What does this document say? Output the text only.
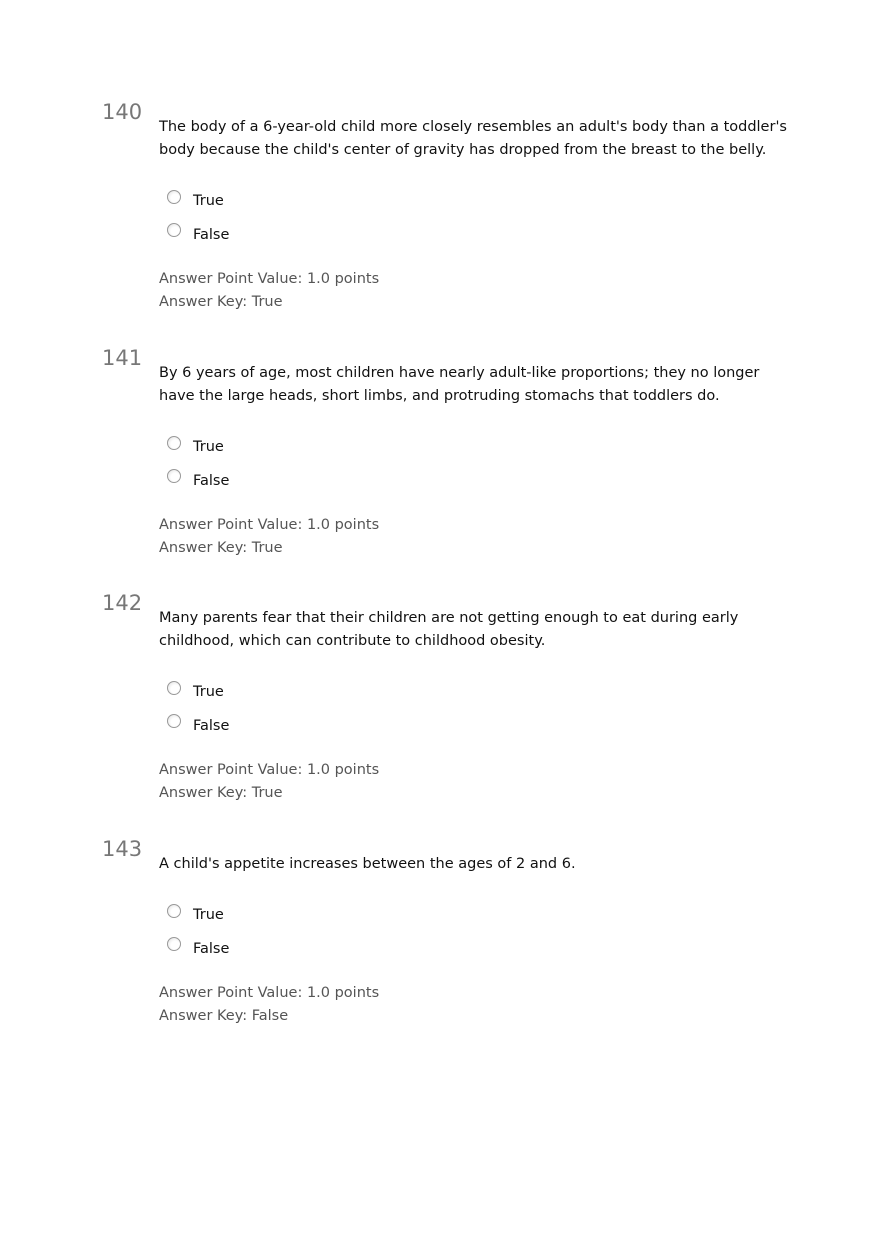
140
The body of a 6-year-old child more closely resembles an adult's body than a toddler's body because the child's center of gravity has dropped from the breast to the belly.
True
False
Answer Point Value: 1.0 points
Answer Key: True
141
By 6 years of age, most children have nearly adult-like proportions; they no longer have the large heads, short limbs, and protruding stomachs that toddlers do.
True
False
Answer Point Value: 1.0 points
Answer Key: True
142
Many parents fear that their children are not getting enough to eat during early childhood, which can contribute to childhood obesity.
True
False
Answer Point Value: 1.0 points
Answer Key: True
143
A child's appetite increases between the ages of 2 and 6.
True
False
Answer Point Value: 1.0 points
Answer Key: False
